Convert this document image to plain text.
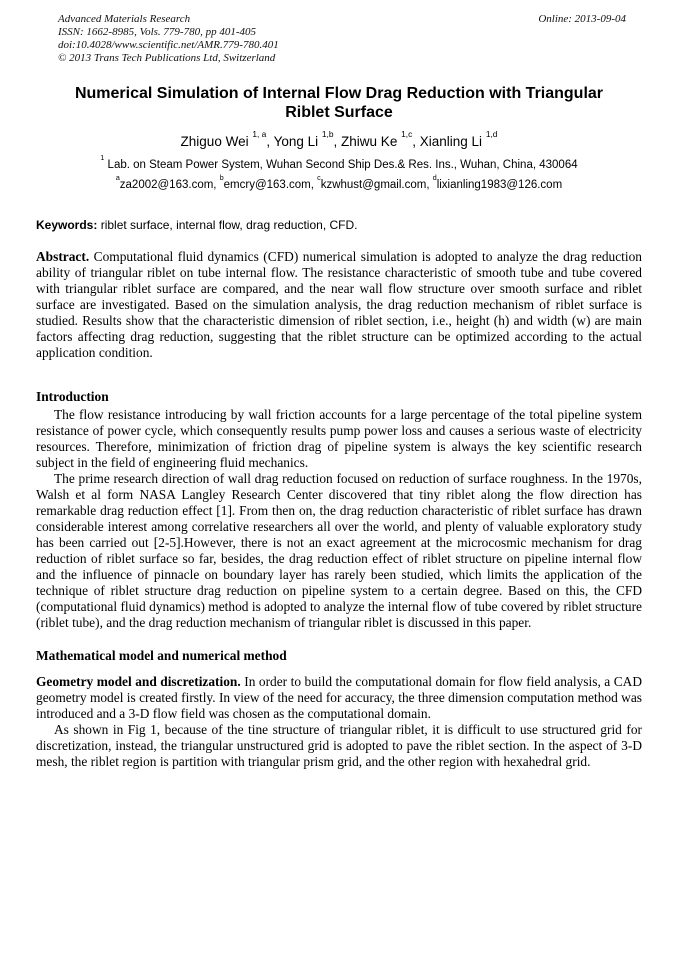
Advanced Materials Research
ISSN: 1662-8985, Vols. 779-780, pp 401-405
doi:10.4028/www.scientific.net/AMR.779-780.401
© 2013 Trans Tech Publications Ltd, Switzerland
Online: 2013-09-04
Numerical Simulation of Internal Flow Drag Reduction with Triangular Riblet Surface
Zhiguo Wei $^{1, a}$, Yong Li $^{1,b}$, Zhiwu Ke $^{1,c}$, Xianling Li $^{1,d}$
$^1$ Lab. on Steam Power System, Wuhan Second Ship Des.& Res. Ins., Wuhan, China, 430064
$^a$za2002@163.com, $^b$emcry@163.com, $^c$kzwhust@gmail.com, $^d$lixianling1983@126.com
Keywords: riblet surface, internal flow, drag reduction, CFD.

Abstract. Computational fluid dynamics (CFD) numerical simulation is adopted to analyze the drag reduction ability of triangular riblet on tube internal flow. The resistance characteristic of smooth tube and tube covered with triangular riblet surface are compared, and the near wall flow structure over smooth surface and riblet surface are investigated. Based on the simulation analysis, the drag reduction mechanism of riblet surface is studied. Results show that the characteristic dimension of riblet section, i.e., height (h) and width (w) are main factors affecting drag reduction, suggesting that the riblet structure can be optimized according to the actual application condition.

Introduction

The flow resistance introducing by wall friction accounts for a large percentage of the total pipeline system resistance of power cycle, which consequently results pump power loss and causes a serious waste of electricity resources. Therefore, minimization of friction drag of pipeline system is always the key scientific research subject in the field of engineering fluid mechanics.

The prime research direction of wall drag reduction focused on reduction of surface roughness. In the 1970s, Walsh et al form NASA Langley Research Center discovered that tiny riblet along the flow direction has remarkable drag reduction effect [1]. From then on, the drag reduction characteristic of riblet surface has drawn considerable interest among correlative researchers all over the world, and plenty of valuable exploratory study has been carried out [2-5].However, there is not an exact agreement at the microcosmic mechanism for drag reduction of riblet surface so far, besides, the drag reduction effect of riblet structure on pipeline internal flow and the influence of pinnacle on boundary layer has rarely been studied, which limits the application of the technique of riblet structure drag reduction on pipeline system to a certain degree. Based on this, the CFD (computational fluid dynamics) method is adopted to analyze the internal flow of tube covered by riblet structure (riblet tube), and the drag reduction mechanism of triangular riblet is discussed in this paper.

Mathematical model and numerical method

Geometry model and discretization. In order to build the computational domain for flow field analysis, a CAD geometry model is created firstly. In view of the need for accuracy, the three dimension computation method was introduced and a 3-D flow field was chosen as the computational domain.

As shown in Fig 1, because of the tine structure of triangular riblet, it is difficult to use structured grid for discretization, instead, the triangular unstructured grid is adopted to pave the riblet section. In the aspect of 3-D mesh, the riblet region is partition with triangular prism grid, and the other region with hexahedral grid.
